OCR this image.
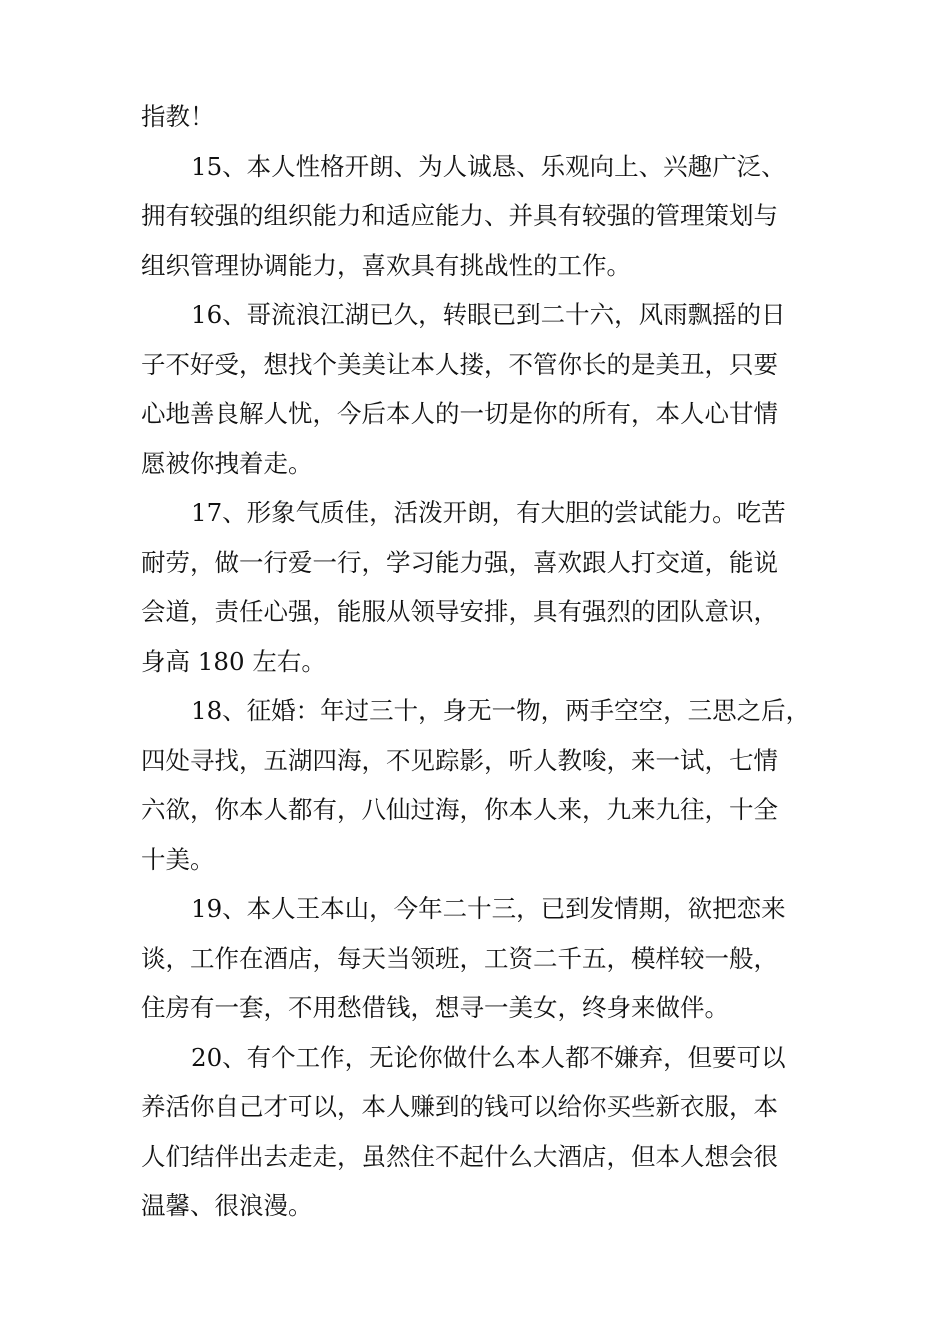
指教！
15、本人性格开朗、为人诚恳、乐观向上、兴趣广泛、
拥有较强的组织能力和适应能力、并具有较强的管理策划与
组织管理协调能力，喜欢具有挑战性的工作。
16、哥流浪江湖已久，转眼已到二十六，风雨飘摇的日
子不好受，想找个美美让本人搂，不管你长的是美丑，只要
心地善良解人忧，今后本人的一切是你的所有，本人心甘情
愿被你拽着走。
17、形象气质佳，活泼开朗，有大胆的尝试能力。吃苦
耐劳，做一行爱一行，学习能力强，喜欢跟人打交道，能说
会道，责任心强，能服从领导安排，具有强烈的团队意识，
身高 180 左右。
18、征婚：年过三十，身无一物，两手空空，三思之后，
四处寻找，五湖四海，不见踪影，听人教唆，来一试，七情
六欲，你本人都有，八仙过海，你本人来，九来九往，十全
十美。
19、本人王本山，今年二十三，已到发情期，欲把恋来
谈，工作在酒店，每天当领班，工资二千五，模样较一般，
住房有一套，不用愁借钱，想寻一美女，终身来做伴。
20、有个工作，无论你做什么本人都不嫌弃，但要可以
养活你自己才可以，本人赚到的钱可以给你买些新衣服，本
人们结伴出去走走，虽然住不起什么大酒店，但本人想会很
温馨、很浪漫。
